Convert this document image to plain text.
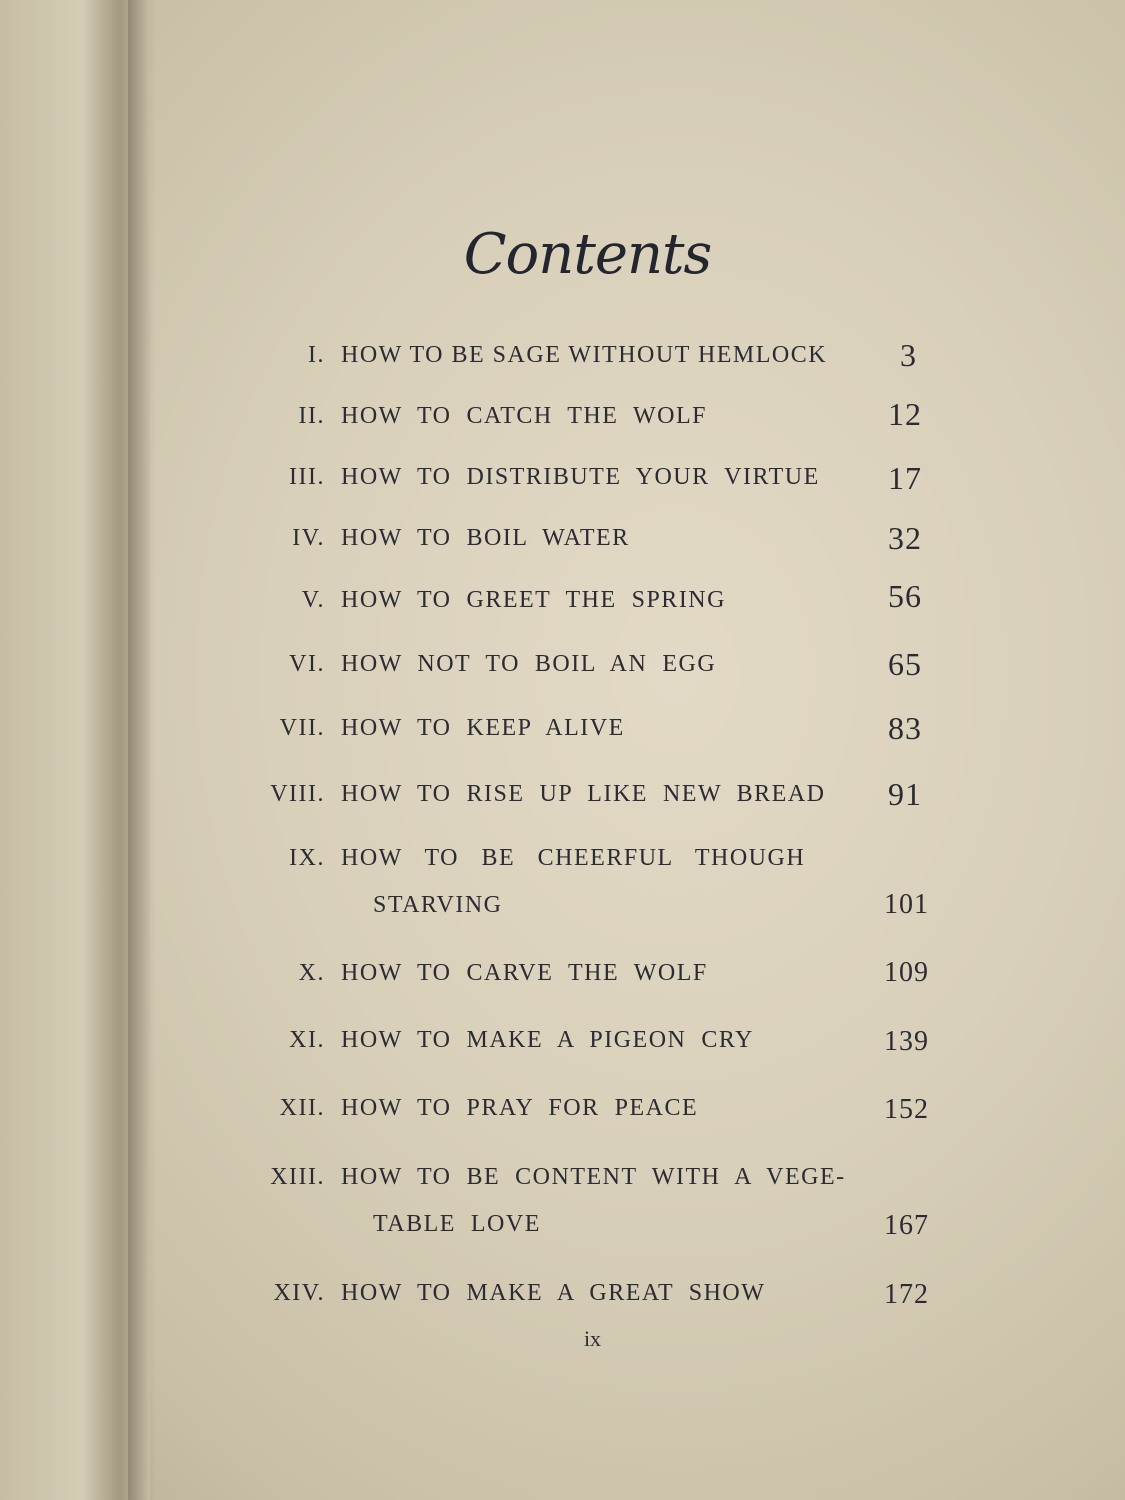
Contents
I. HOW TO BE SAGE WITHOUT HEMLOCK 3
II. HOW  TO  CATCH  THE  WOLF	12
III. HOW  TO  DISTRIBUTE  YOUR  VIRTUE 17
IV. HOW  TO  BOIL  WATER	32
V. HOW  TO  GREET  THE  SPRING	56
VI. HOW  NOT  TO  BOIL  AN  EGG	65
VII. HOW  TO  KEEP  ALIVE	83
VIII. HOW  TO  RISE  UP  LIKE  NEW  BREAD 91
IX. HOW   TO   BE   CHEERFUL   THOUGH
STARVING	101
X. HOW  TO  CARVE  THE  WOLF	109
XI. HOW  TO  MAKE  A  PIGEON  CRY	139
XII. HOW  TO  PRAY  FOR  PEACE	152
XIII. HOW  TO  BE  CONTENT  WITH  A  VEGE-
TABLE  LOVE	167
XIV. HOW  TO  MAKE  A  GREAT  SHOW	172
ix
